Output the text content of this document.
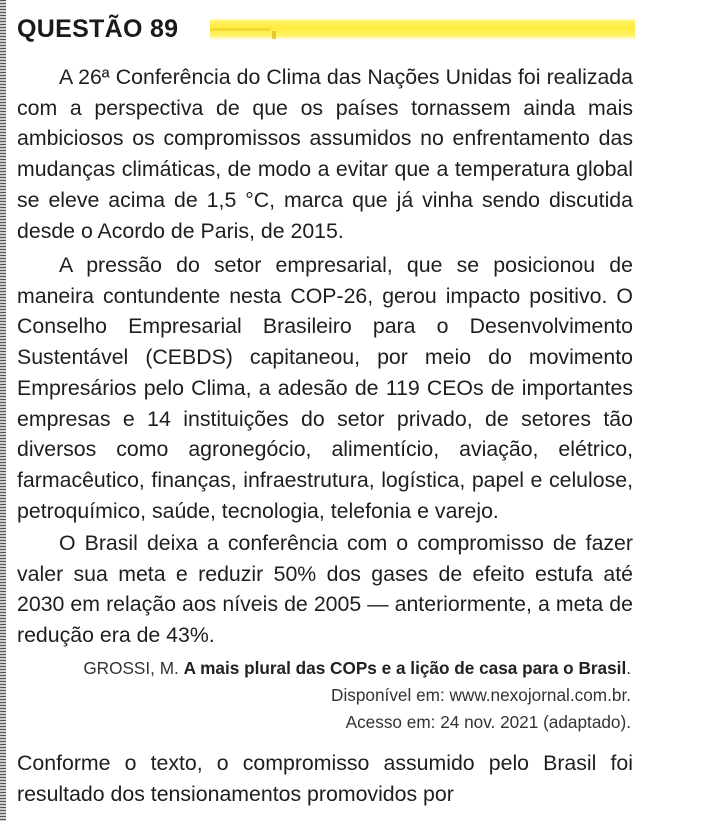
QUESTÃO 89

A 26ª Conferência do Clima das Nações Unidas foi realizada com a perspectiva de que os países tornassem ainda mais ambiciosos os compromissos assumidos no enfrentamento das mudanças climáticas, de modo a evitar que a temperatura global se eleve acima de 1,5 °C, marca que já vinha sendo discutida desde o Acordo de Paris, de 2015.

A pressão do setor empresarial, que se posicionou de maneira contundente nesta COP-26, gerou impacto positivo. O Conselho Empresarial Brasileiro para o Desenvolvimento Sustentável (CEBDS) capitaneou, por meio do movimento Empresários pelo Clima, a adesão de 119 CEOs de importantes empresas e 14 instituições do setor privado, de setores tão diversos como agronegócio, alimentício, aviação, elétrico, farmacêutico, finanças, infraestrutura, logística, papel e celulose, petroquímico, saúde, tecnologia, telefonia e varejo.

O Brasil deixa a conferência com o compromisso de fazer valer sua meta e reduzir 50% dos gases de efeito estufa até 2030 em relação aos níveis de 2005 — anteriormente, a meta de redução era de 43%.

GROSSI, M. A mais plural das COPs e a lição de casa para o Brasil.
Disponível em: www.nexojornal.com.br.
Acesso em: 24 nov. 2021 (adaptado).

Conforme o texto, o compromisso assumido pelo Brasil foi resultado dos tensionamentos promovidos por
